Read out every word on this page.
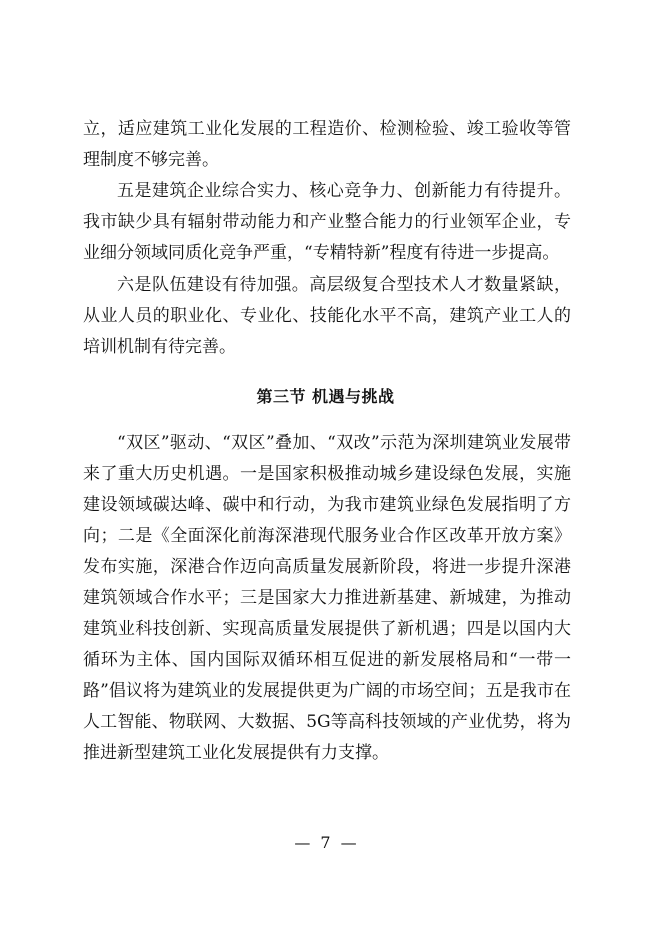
立，适应建筑工业化发展的工程造价、检测检验、竣工验收等管理制度不够完善。

五是建筑企业综合实力、核心竞争力、创新能力有待提升。我市缺少具有辐射带动能力和产业整合能力的行业领军企业，专业细分领域同质化竞争严重，“专精特新”程度有待进一步提高。

六是队伍建设有待加强。高层级复合型技术人才数量紧缺，从业人员的职业化、专业化、技能化水平不高，建筑产业工人的培训机制有待完善。

第三节 机遇与挑战

“双区”驱动、“双区”叠加、“双改”示范为深圳建筑业发展带来了重大历史机遇。一是国家积极推动城乡建设绿色发展，实施建设领域碳达峰、碳中和行动，为我市建筑业绿色发展指明了方向；二是《全面深化前海深港现代服务业合作区改革开放方案》发布实施，深港合作迈向高质量发展新阶段，将进一步提升深港建筑领域合作水平；三是国家大力推进新基建、新城建，为推动建筑业科技创新、实现高质量发展提供了新机遇；四是以国内大循环为主体、国内国际双循环相互促进的新发展格局和“一带一路”倡议将为建筑业的发展提供更为广阔的市场空间；五是我市在人工智能、物联网、大数据、5G等高科技领域的产业优势，将为推进新型建筑工业化发展提供有力支撑。

— 7 —
